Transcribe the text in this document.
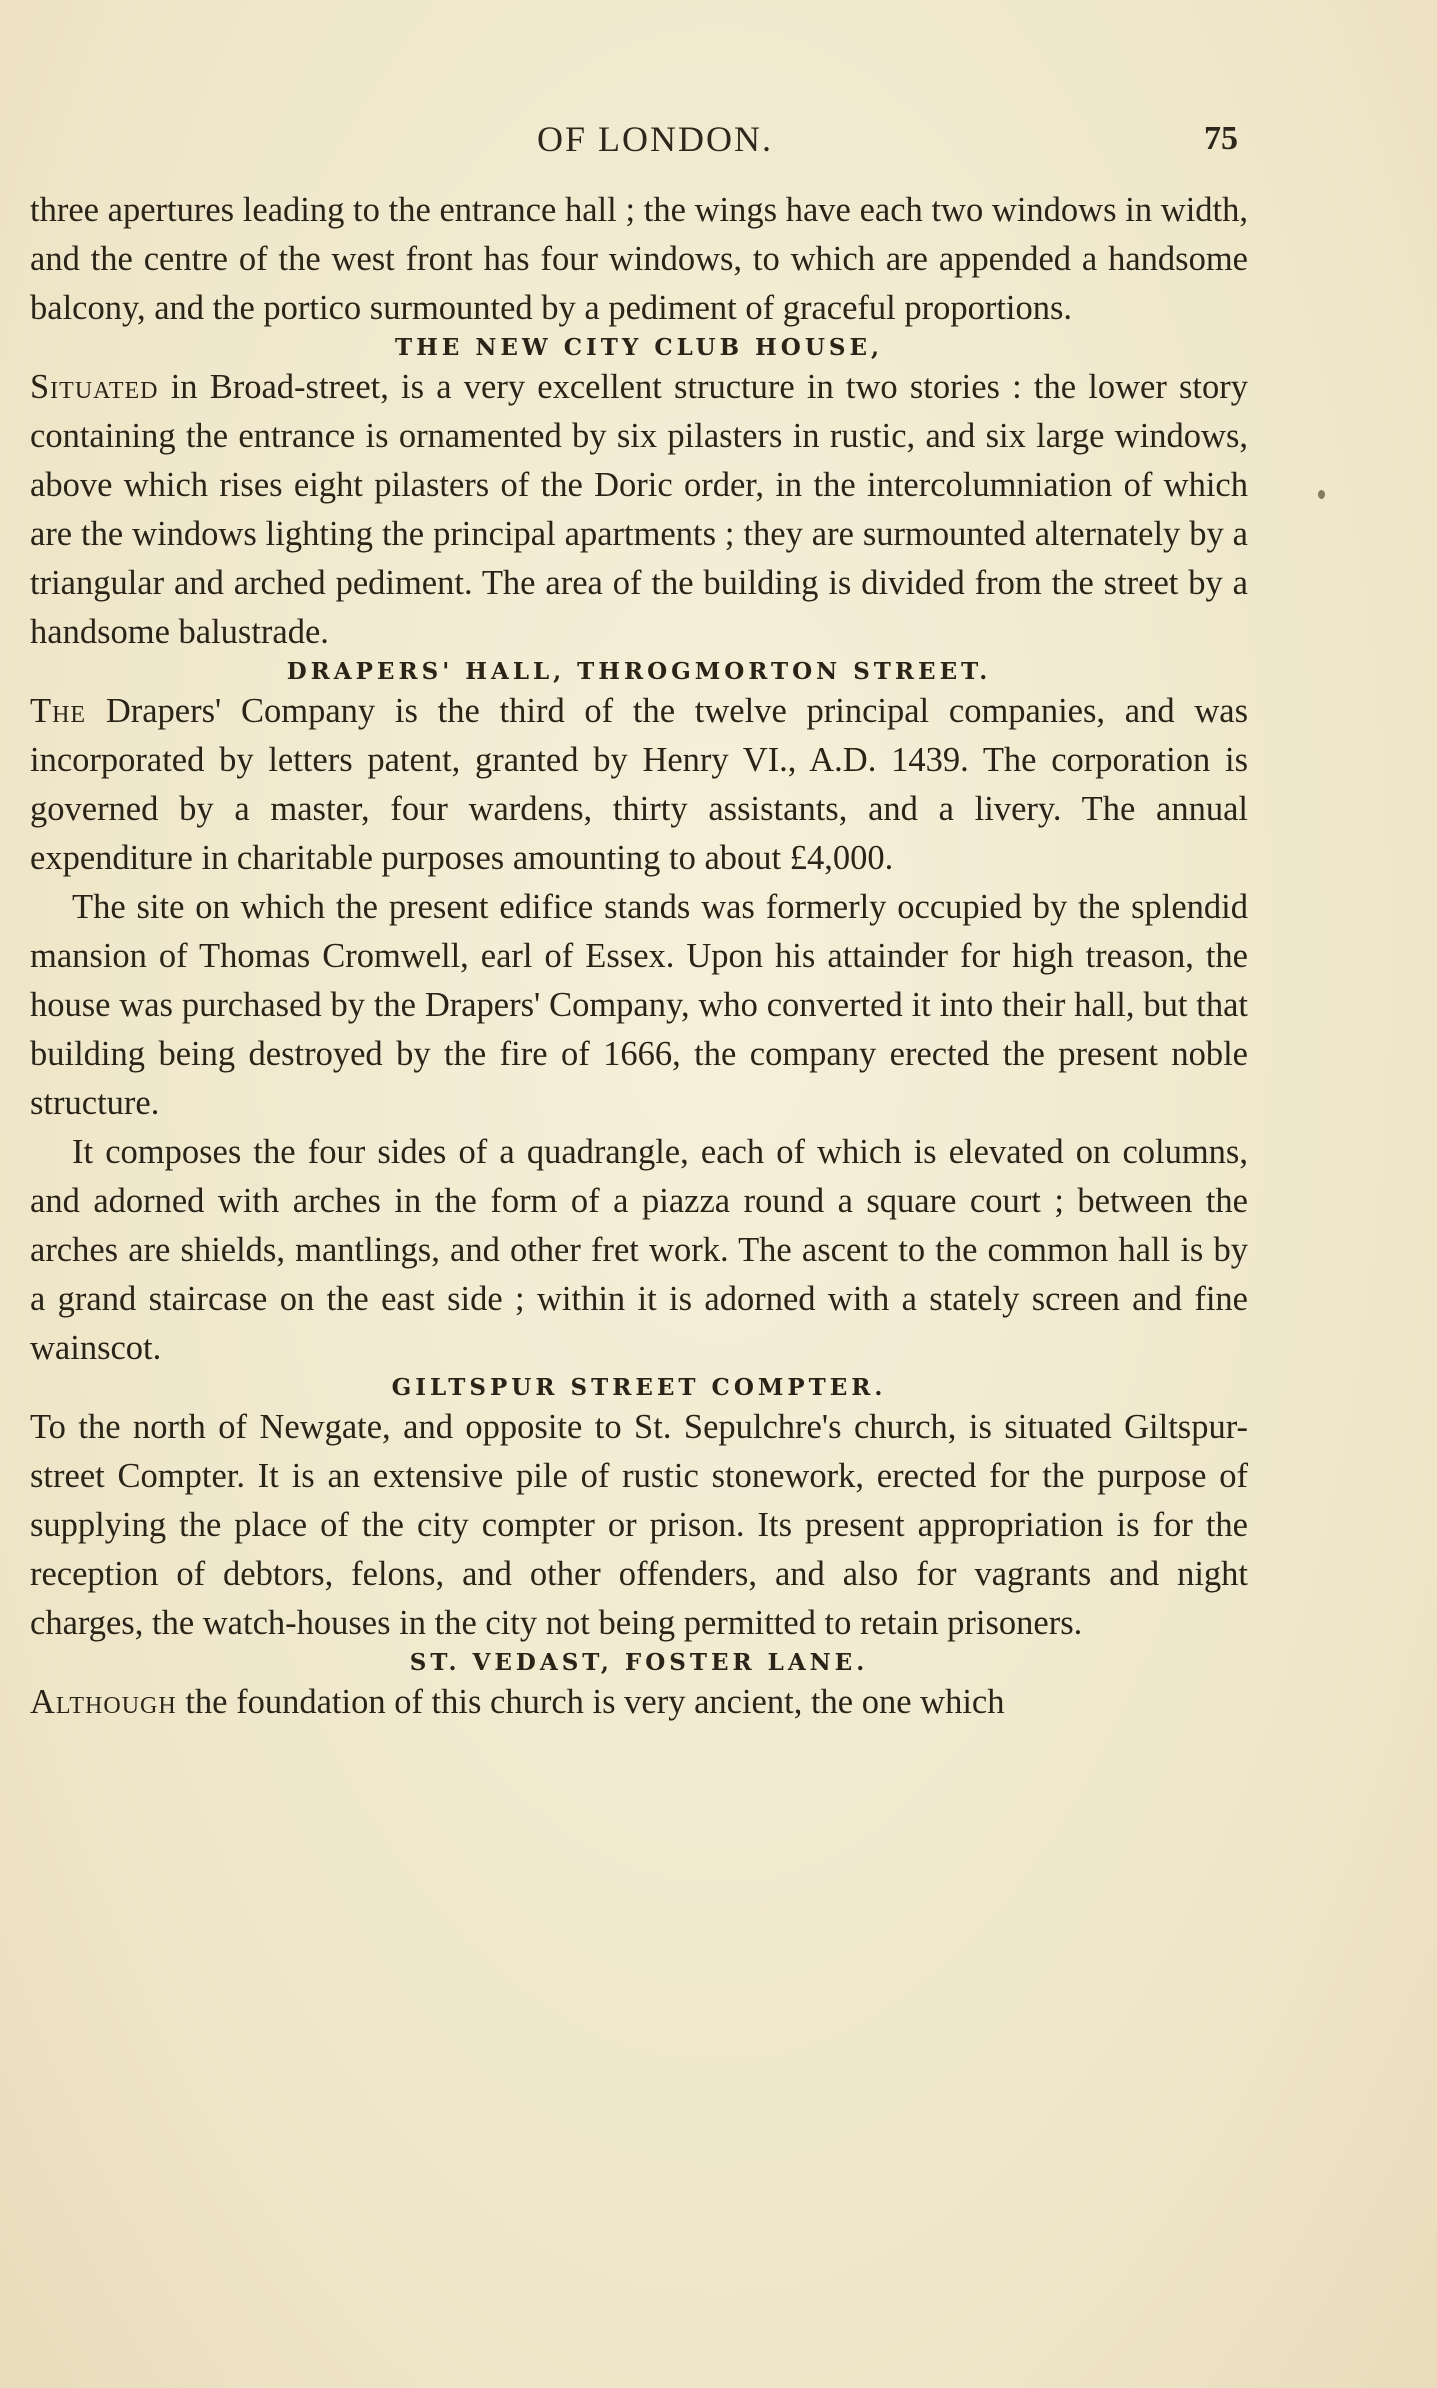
OF LONDON.	75

three apertures leading to the entrance hall ; the wings have each two windows in width, and the centre of the west front has four windows, to which are appended a handsome balcony, and the portico surmounted by a pediment of graceful proportions.

THE NEW CITY CLUB HOUSE,

Situated in Broad-street, is a very excellent structure in two stories : the lower story containing the entrance is ornamented by six pilasters in rustic, and six large windows, above which rises eight pilasters of the Doric order, in the intercolumniation of which are the windows lighting the principal apartments ; they are surmounted alternately by a triangular and arched pediment. The area of the building is divided from the street by a handsome balustrade.

DRAPERS' HALL, THROGMORTON STREET.

The Drapers' Company is the third of the twelve principal companies, and was incorporated by letters patent, granted by Henry VI., A.D. 1439. The corporation is governed by a master, four wardens, thirty assistants, and a livery. The annual expenditure in charitable purposes amounting to about £4,000.

The site on which the present edifice stands was formerly occupied by the splendid mansion of Thomas Cromwell, earl of Essex. Upon his attainder for high treason, the house was purchased by the Drapers' Company, who converted it into their hall, but that building being destroyed by the fire of 1666, the company erected the present noble structure.

It composes the four sides of a quadrangle, each of which is elevated on columns, and adorned with arches in the form of a piazza round a square court ; between the arches are shields, mantlings, and other fret work. The ascent to the common hall is by a grand staircase on the east side ; within it is adorned with a stately screen and fine wainscot.

GILTSPUR STREET COMPTER.

To the north of Newgate, and opposite to St. Sepulchre's church, is situated Giltspur-street Compter. It is an extensive pile of rustic stonework, erected for the purpose of supplying the place of the city compter or prison. Its present appropriation is for the reception of debtors, felons, and other offenders, and also for vagrants and night charges, the watch-houses in the city not being permitted to retain prisoners.

ST. VEDAST, FOSTER LANE.

Although the foundation of this church is very ancient, the one which
